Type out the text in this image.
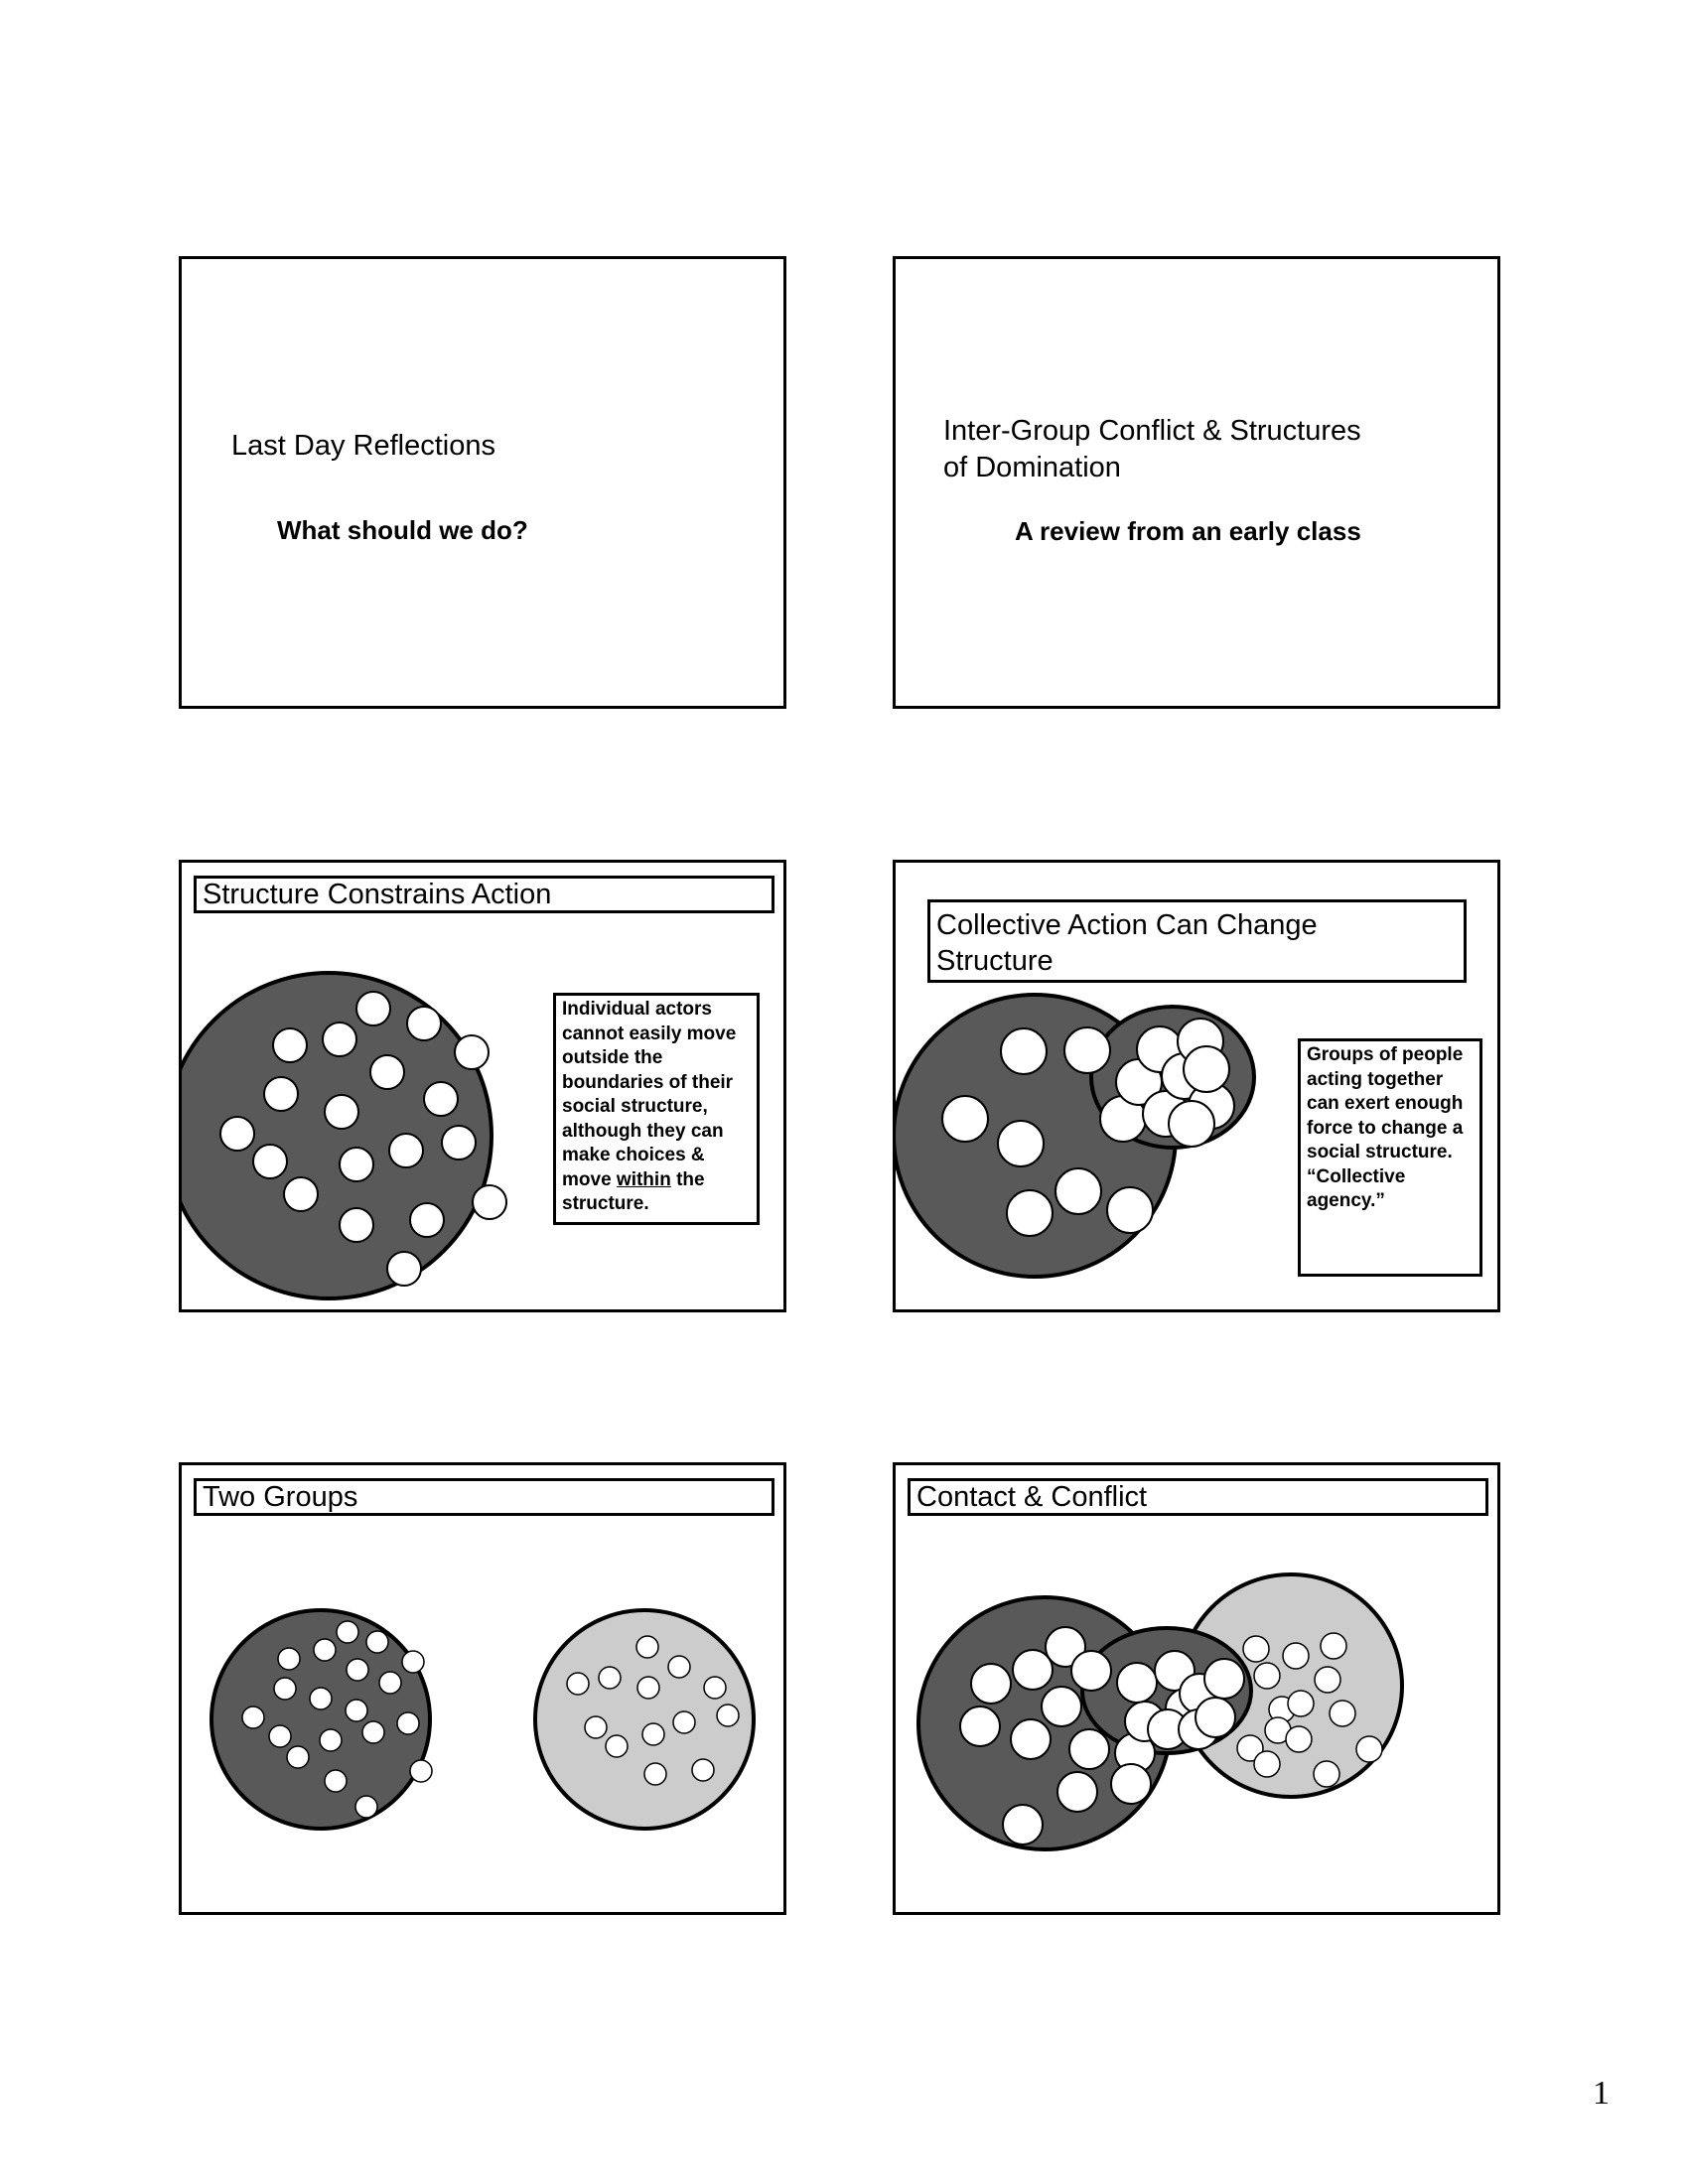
Last Day Reflections
What should we do?
Inter-Group Conflict & Structures
of Domination
A review from an early class
Structure Constrains Action
Individual actors cannot easily move outside the boundaries of their social structure, although they can make choices & move within the structure.
Collective Action Can Change
Structure
Groups of people acting together can exert enough force to change a social structure. “Collective agency.”
Two Groups	Contact & Conflict
1
